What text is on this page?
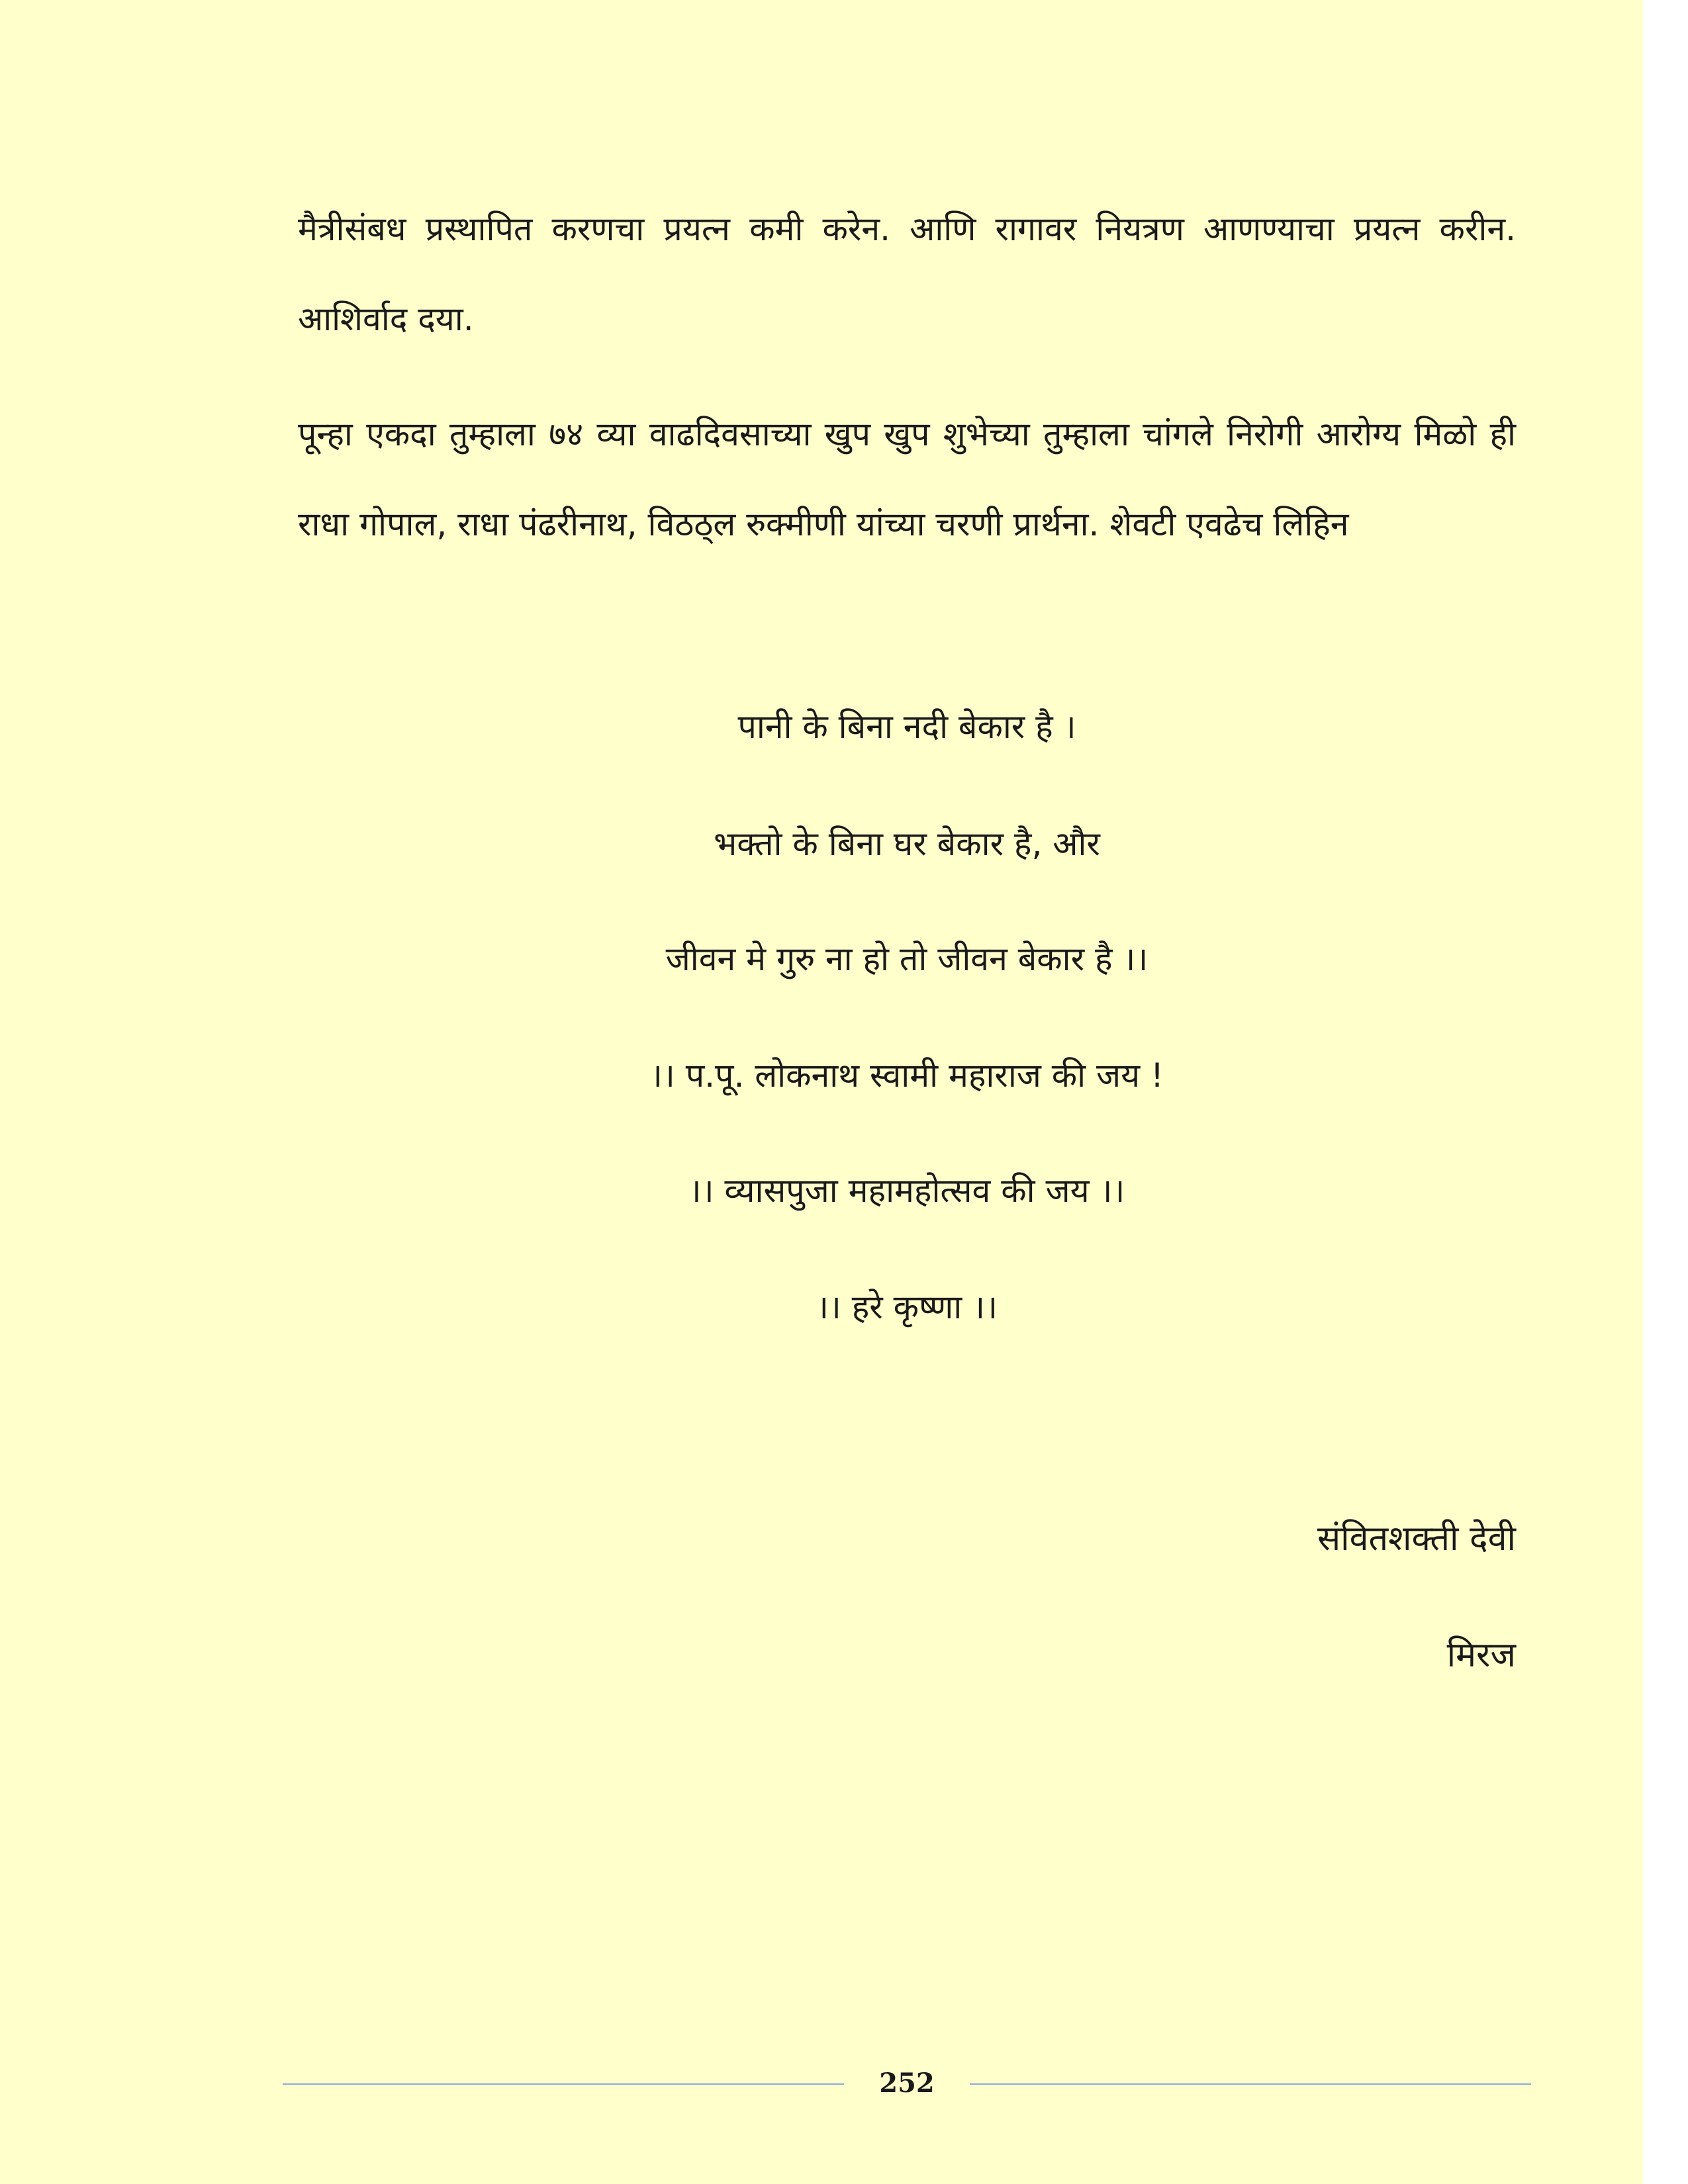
मैत्रीसंबध प्रस्थापित करणचा प्रयत्न कमी करेन. आणि रागावर नियत्रण आणण्याचा प्रयत्न करीन. आशिर्वाद दया.

पून्हा एकदा तुम्हाला ७४ व्या वाढदिवसाच्या खुप खुप शुभेच्या तुम्हाला चांगले निरोगी आरोग्य मिळो ही राधा गोपाल, राधा पंढरीनाथ, विठठ्ल रुक्मीणी यांच्या चरणी प्रार्थना. शेवटी एवढेच लिहिन

पानी के बिना नदी बेकार है ।
भक्तो के बिना घर बेकार है, और
जीवन मे गुरु ना हो तो जीवन बेकार है ।।
।। प.पू. लोकनाथ स्वामी महाराज की जय !
।। व्यासपुजा महामहोत्सव की जय ।।
।। हरे कृष्णा ।।
संवितशक्ती देवी
मिरज
252
